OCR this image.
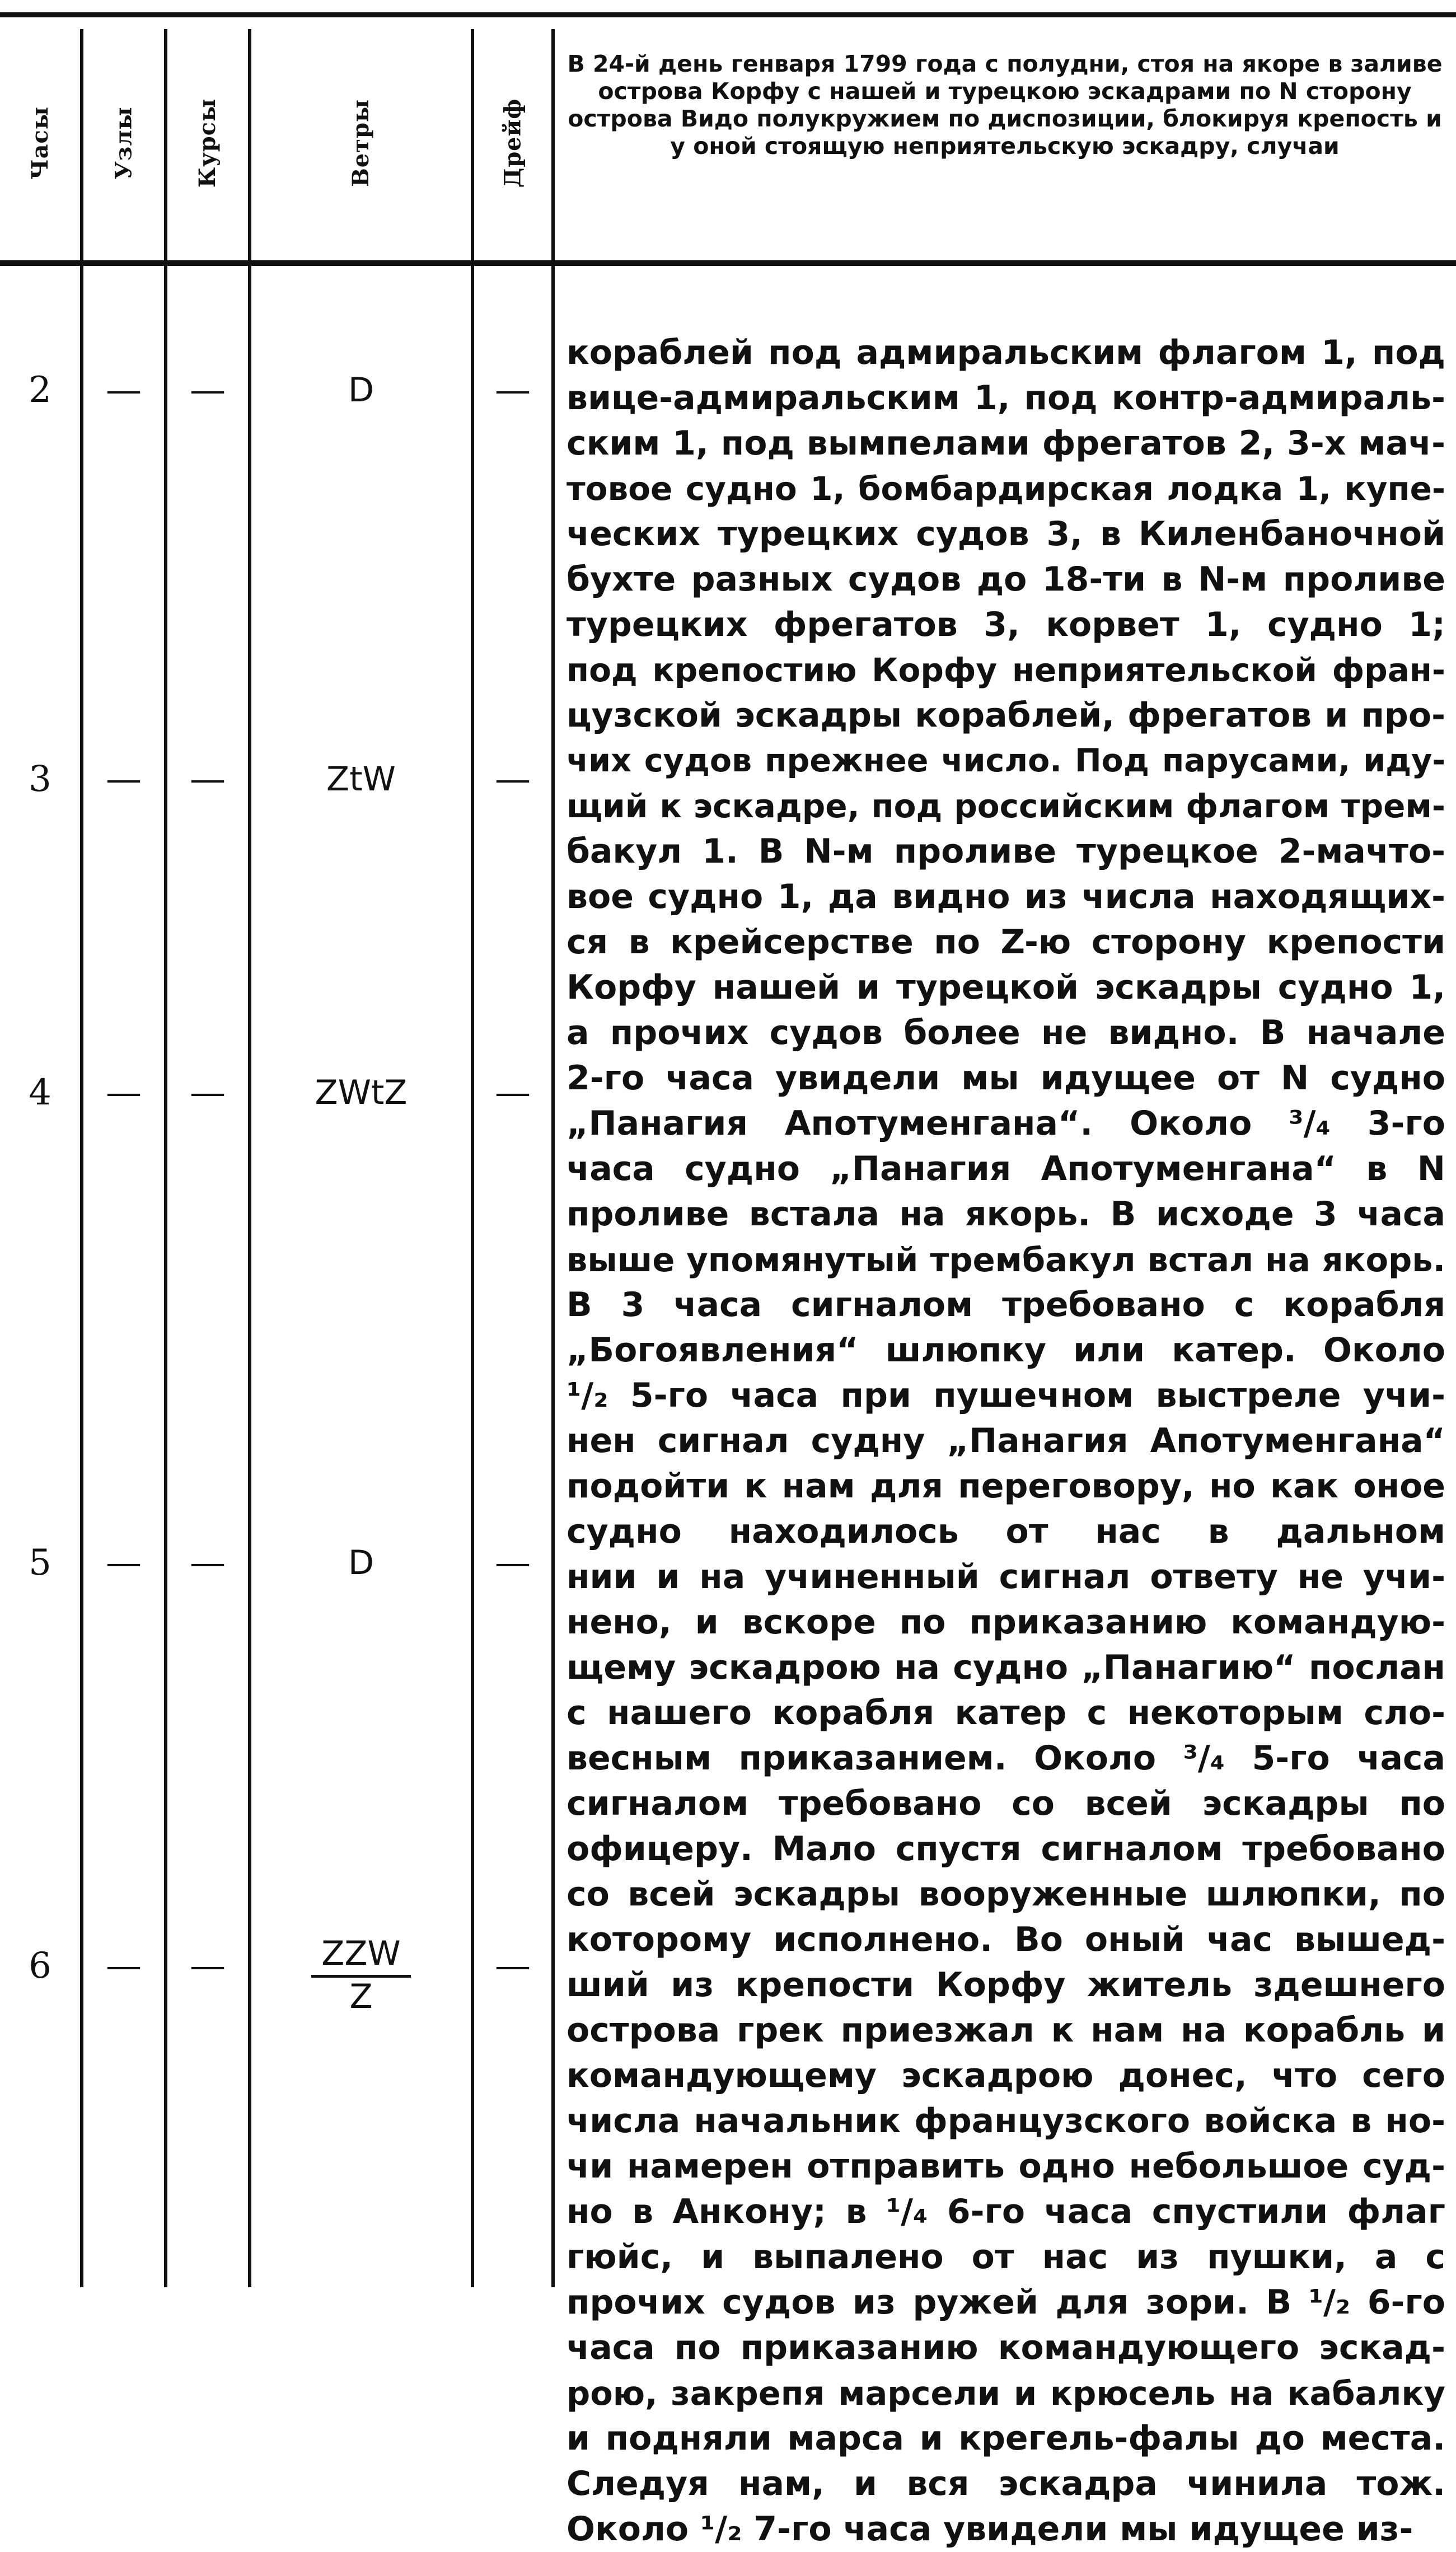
Часы	Узлы	Курсы	Ветры	Дрейф
В 24-й день генваря 1799 года с полудни, стоя на якоре в заливе острова Корфу с нашей и турецкою эскадрами по N сторону острова Видо полукружием по диспозиции, блокируя крепость и у оной стоящую неприятельскую эскадру, случаи
2	—	—	D	—
3	—	—	ZtW	—
4	—	—	ZWtZ	—
5	—	—	D	—
6	—	—	$\frac{\text{ZZW}}{Z}$	—
кораблей под адмиральским флагом 1, под
вице-адмиральским 1, под контр-адмираль-
ским 1, под вымпелами фрегатов 2, 3-х мач-
товое судно 1, бомбардирская лодка 1, купе-
ческих турецких судов 3, в Киленбаночной
бухте разных судов до 18-ти в N-м проливе
турецких фрегатов 3, корвет 1, судно 1;
под крепостию Корфу неприятельской фран-
цузской эскадры кораблей, фрегатов и про-
чих судов прежнее число. Под парусами, иду-
щий к эскадре, под российским флагом трем-
бакул 1. В N-м проливе турецкое 2-мачто-
вое судно 1, да видно из числа находящих-
ся в крейсерстве по Z-ю сторону крепости
Корфу нашей и турецкой эскадры судно 1,
а прочих судов более не видно. В начале
2-го часа увидели мы идущее от N судно
„Панагия Апотуменгана“. Около ³/₄ 3-го
часа судно „Панагия Апотуменгана“ в N
проливе встала на якорь. В исходе 3 часа
выше упомянутый трембакул встал на якорь.
В 3 часа сигналом требовано с корабля
„Богоявления“ шлюпку или катер. Около
¹/₂ 5-го часа при пушечном выстреле учи-
нен сигнал судну „Панагия Апотуменгана“
подойти к нам для переговору, но как оное
судно находилось от нас в дальном
нии и на учиненный сигнал ответу не учи-
нено, и вскоре по приказанию командую-
щему эскадрою на судно „Панагию“ послан
с нашего корабля катер с некоторым сло-
весным приказанием. Около ³/₄ 5-го часа
сигналом требовано со всей эскадры по
офицеру. Мало спустя сигналом требовано
со всей эскадры вооруженные шлюпки, по
которому исполнено. Во оный час вышед-
ший из крепости Корфу житель здешнего
острова грек приезжал к нам на корабль и
командующему эскадрою донес, что сего
числа начальник французского войска в но-
чи намерен отправить одно небольшое суд-
но в Анкону; в ¹/₄ 6-го часа спустили флаг
гюйс, и выпалено от нас из пушки, а с
прочих судов из ружей для зори. В ¹/₂ 6-го
часа по приказанию командующего эскад-
рою, закрепя марсели и крюсель на кабалку
и подняли марса и крегель-фалы до места.
Следуя нам, и вся эскадра чинила тож.
Около ¹/₂ 7-го часа увидели мы идущее из-
